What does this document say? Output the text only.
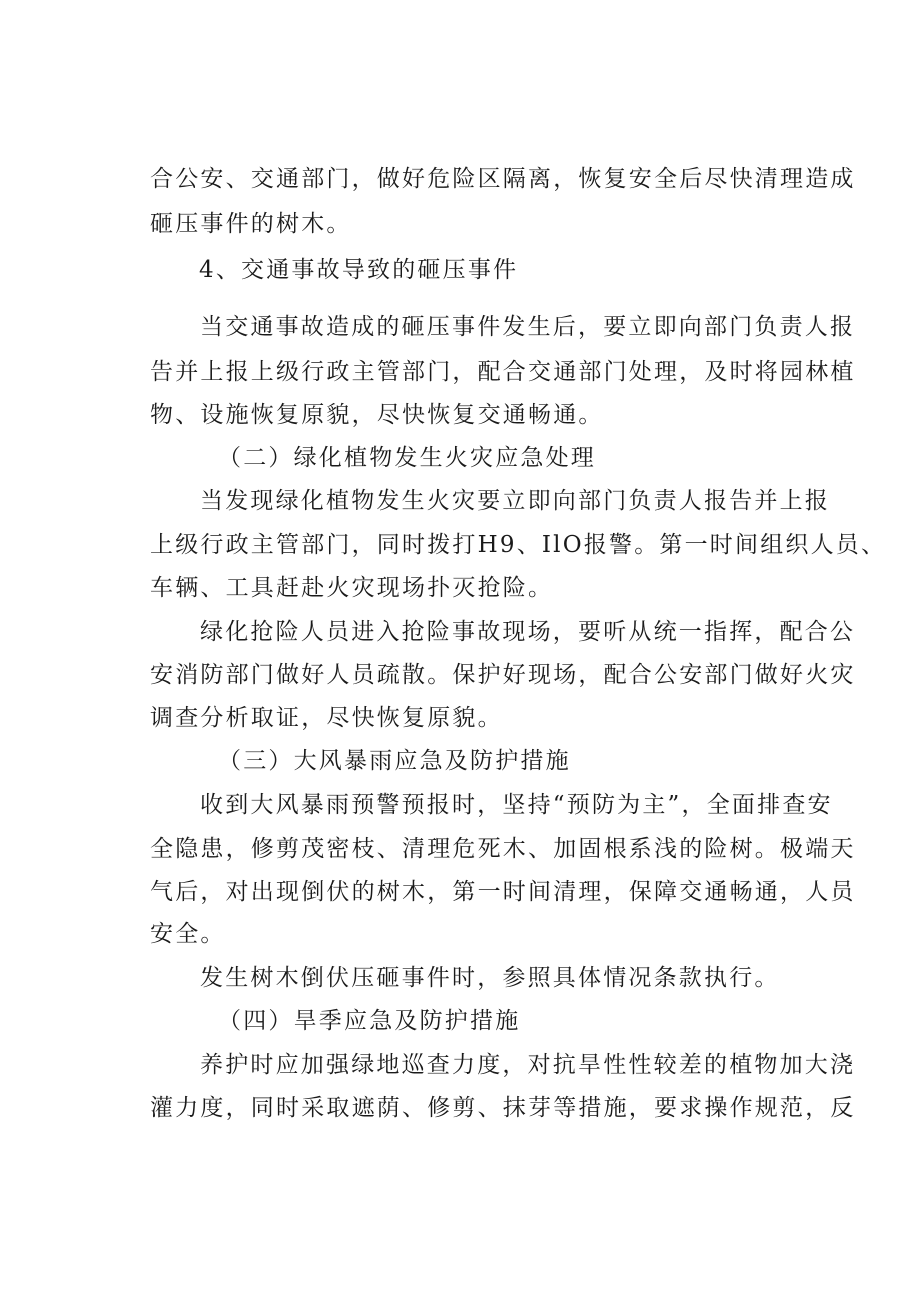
合公安、交通部门，做好危险区隔离，恢复安全后尽快清理造成
砸压事件的树木。
4、交通事故导致的砸压事件
当交通事故造成的砸压事件发生后，要立即向部门负责人报
告并上报上级行政主管部门，配合交通部门处理，及时将园林植
物、设施恢复原貌，尽快恢复交通畅通。
（二）绿化植物发生火灾应急处理
当发现绿化植物发生火灾要立即向部门负责人报告并上报
上级行政主管部门，同时拨打H9、IlO报警。第一时间组织人员、
车辆、工具赶赴火灾现场扑灭抢险。
绿化抢险人员进入抢险事故现场，要听从统一指挥，配合公
安消防部门做好人员疏散。保护好现场，配合公安部门做好火灾
调查分析取证，尽快恢复原貌。
（三）大风暴雨应急及防护措施
收到大风暴雨预警预报时，坚持“预防为主”，全面排查安
全隐患，修剪茂密枝、清理危死木、加固根系浅的险树。极端天
气后，对出现倒伏的树木，第一时间清理，保障交通畅通，人员
安全。
发生树木倒伏压砸事件时，参照具体情况条款执行。
（四）旱季应急及防护措施
养护时应加强绿地巡查力度，对抗旱性性较差的植物加大浇
灌力度，同时采取遮荫、修剪、抹芽等措施，要求操作规范，反
